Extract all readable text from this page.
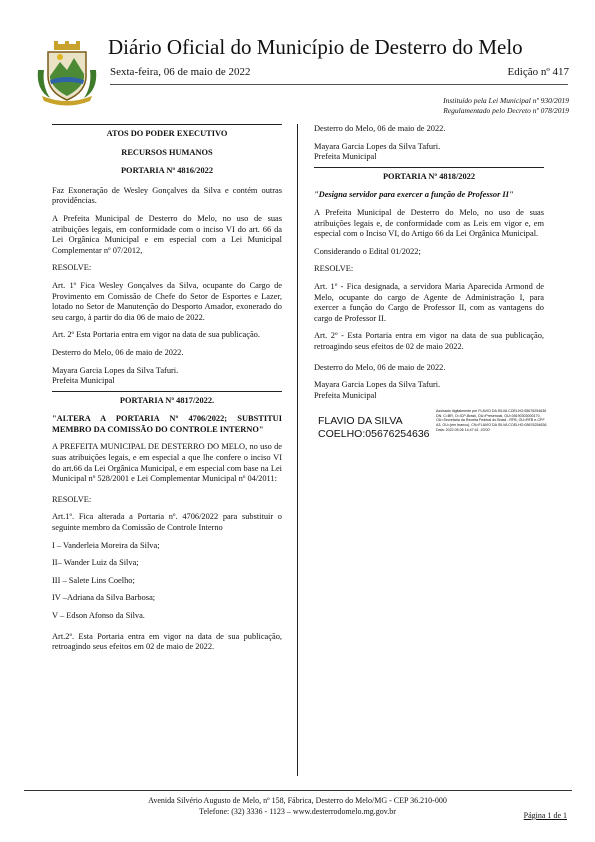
Diário Oficial do Município de Desterro do Melo
Sexta-feira, 06 de maio de 2022	Edição nº 417
Instituído pela Lei Municipal nº 930/2019
Regulamentado pelo Decreto nº 078/2019
ATOS DO PODER EXECUTIVO
RECURSOS HUMANOS
PORTARIA Nº 4816/2022

Faz Exoneração de Wesley Gonçalves da Silva e contém outras providências.

A Prefeita Municipal de Desterro do Melo, no uso de suas atribuições legais, em conformidade com o inciso VI do art. 66 da Lei Orgânica Municipal e em especial com a Lei Municipal Complementar nº 07/2012,

RESOLVE:

Art. 1º Fica Wesley Gonçalves da Silva, ocupante do Cargo de Provimento em Comissão de Chefe do Setor de Esportes e Lazer, lotado no Setor de Manutenção do Desporto Amador, exonerado do seu cargo, à partir do dia 06 de maio de 2022.

Art. 2º Esta Portaria entra em vigor na data de sua publicação.

Desterro do Melo, 06 de maio de 2022.

Mayara Garcia Lopes da Silva Tafuri.

Prefeita Municipal

PORTARIA Nº 4817/2022.

"ALTERA A PORTARIA Nº 4706/2022; SUBSTITUI MEMBRO DA COMISSÃO DO CONTROLE INTERNO"

A PREFEITA MUNICIPAL DE DESTERRO DO MELO, no uso de suas atribuições legais, e em especial a que lhe confere o inciso VI do art.66 da Lei Orgânica Municipal, e em especial com base na Lei Municipal nº 528/2001 e Lei Complementar Municipal nº 04/2011:

RESOLVE:

Art.1º. Fica alterada a Portaria nº. 4706/2022 para substituir o seguinte membro da Comissão de Controle Interno

I – Vanderleia Moreira da Silva;

II– Wander Luiz da Silva;

III – Salete Lins Coelho;

IV –Adriana da Silva Barbosa;

V – Edson Afonso da Silva.

Art.2º. Esta Portaria entra em vigor na data de sua publicação, retroagindo seus efeitos em 02 de maio de 2022.

Desterro do Melo, 06 de maio de 2022.

Mayara Garcia Lopes da Silva Tafuri.

Prefeita Municipal

PORTARIA Nº 4818/2022

"Designa servidor para exercer a função de Professor II"

A Prefeita Municipal de Desterro do Melo, no uso de suas atribuições legais e, de conformidade com as Leis em vigor e, em especial com o Inciso VI, do Artigo 66 da Lei Orgânica Municipal.

Considerando o Edital 01/2022;

RESOLVE:

Art. 1º - Fica designada, a servidora Maria Aparecida Armond de Melo, ocupante do cargo de Agente de Administração I, para exercer a função do Cargo de Professor II, com as vantagens do cargo de Professor II.

Art. 2º - Esta Portaria entra em vigor na data de sua publicação, retroagindo seus efeitos de 02 de maio 2022.

Desterro do Melo, 06 de maio de 2022.

Mayara Garcia Lopes da Silva Tafuri.

Prefeita Municipal

FLAVIO DA SILVA
COELHO:05676254636
Assinado digitalmente por FLAVIO DA SILVA COELHO:05676254636 DN: C=BR, O=ICP-Brasil, OU=Presencial, OU=05190303000170, OU=Secretaria da Receita Federal do Brasil - RFB, OU=RFB e-CPF A3, OU=(em branco), CN=FLAVIO DA SILVA COELHO:05676254636 Data: 2022.05.06 14:47:41 -03'00'
Avenida Silvério Augusto de Melo, nº 158, Fábrica, Desterro do Melo/MG - CEP 36.210-000
Telefone: (32) 3336 - 1123 – www.desterrodomelo.mg.gov.br	Página 1 de 1
